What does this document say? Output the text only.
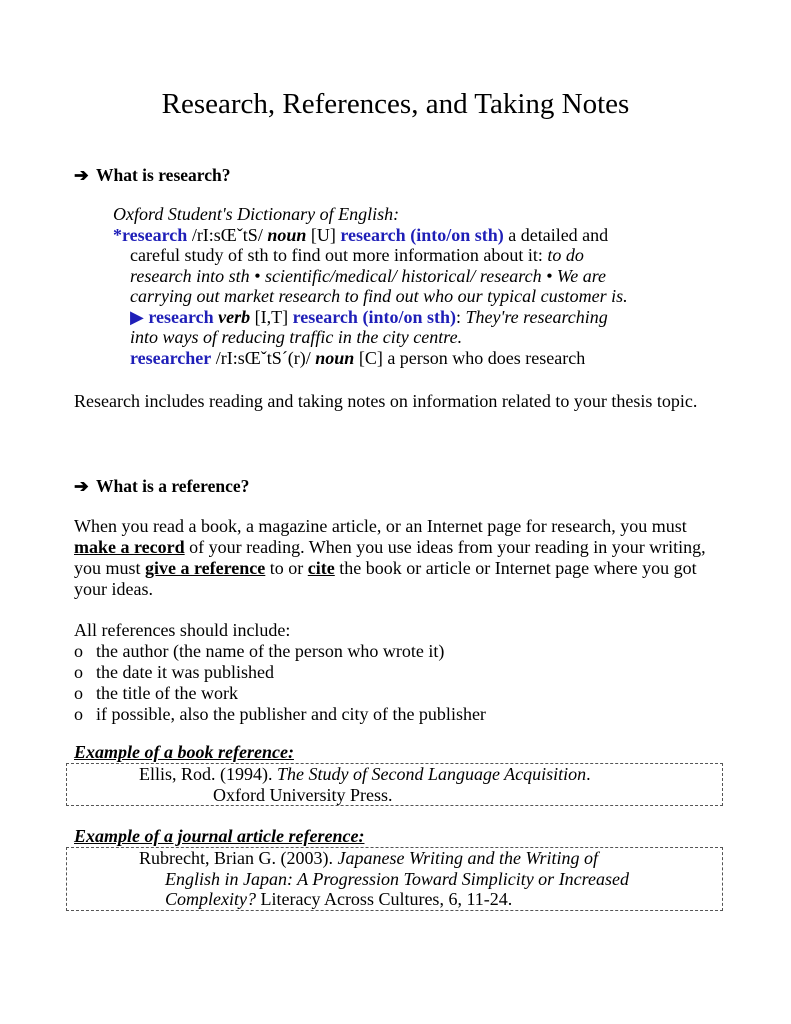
Research, References, and Taking Notes
➔ What is research?
Oxford Student's Dictionary of English:
*research /rI:sŒˇtS/ noun [U] research (into/on sth) a detailed and
careful study of sth to find out more information about it: to do
research into sth • scientific/medical/ historical/ research • We are
carrying out market research to find out who our typical customer is.
▶ research verb [I,T] research (into/on sth): They're researching
into ways of reducing traffic in the city centre.
researcher /rI:sŒˇtS´(r)/ noun [C] a person who does research
Research includes reading and taking notes on information related to your thesis topic.
➔ What is a reference?
When you read a book, a magazine article, or an Internet page for research, you must make a record of your reading. When you use ideas from your reading in your writing, you must give a reference to or cite the book or article or Internet page where you got your ideas.
All references should include:
o the author (the name of the person who wrote it)
o the date it was published
o the title of the work
o if possible, also the publisher and city of the publisher
Example of a book reference:
Ellis, Rod. (1994). The Study of Second Language Acquisition.
Oxford University Press.
Example of a journal article reference:
Rubrecht, Brian G. (2003). Japanese Writing and the Writing of
English in Japan: A Progression Toward Simplicity or Increased
Complexity? Literacy Across Cultures, 6, 11-24.
